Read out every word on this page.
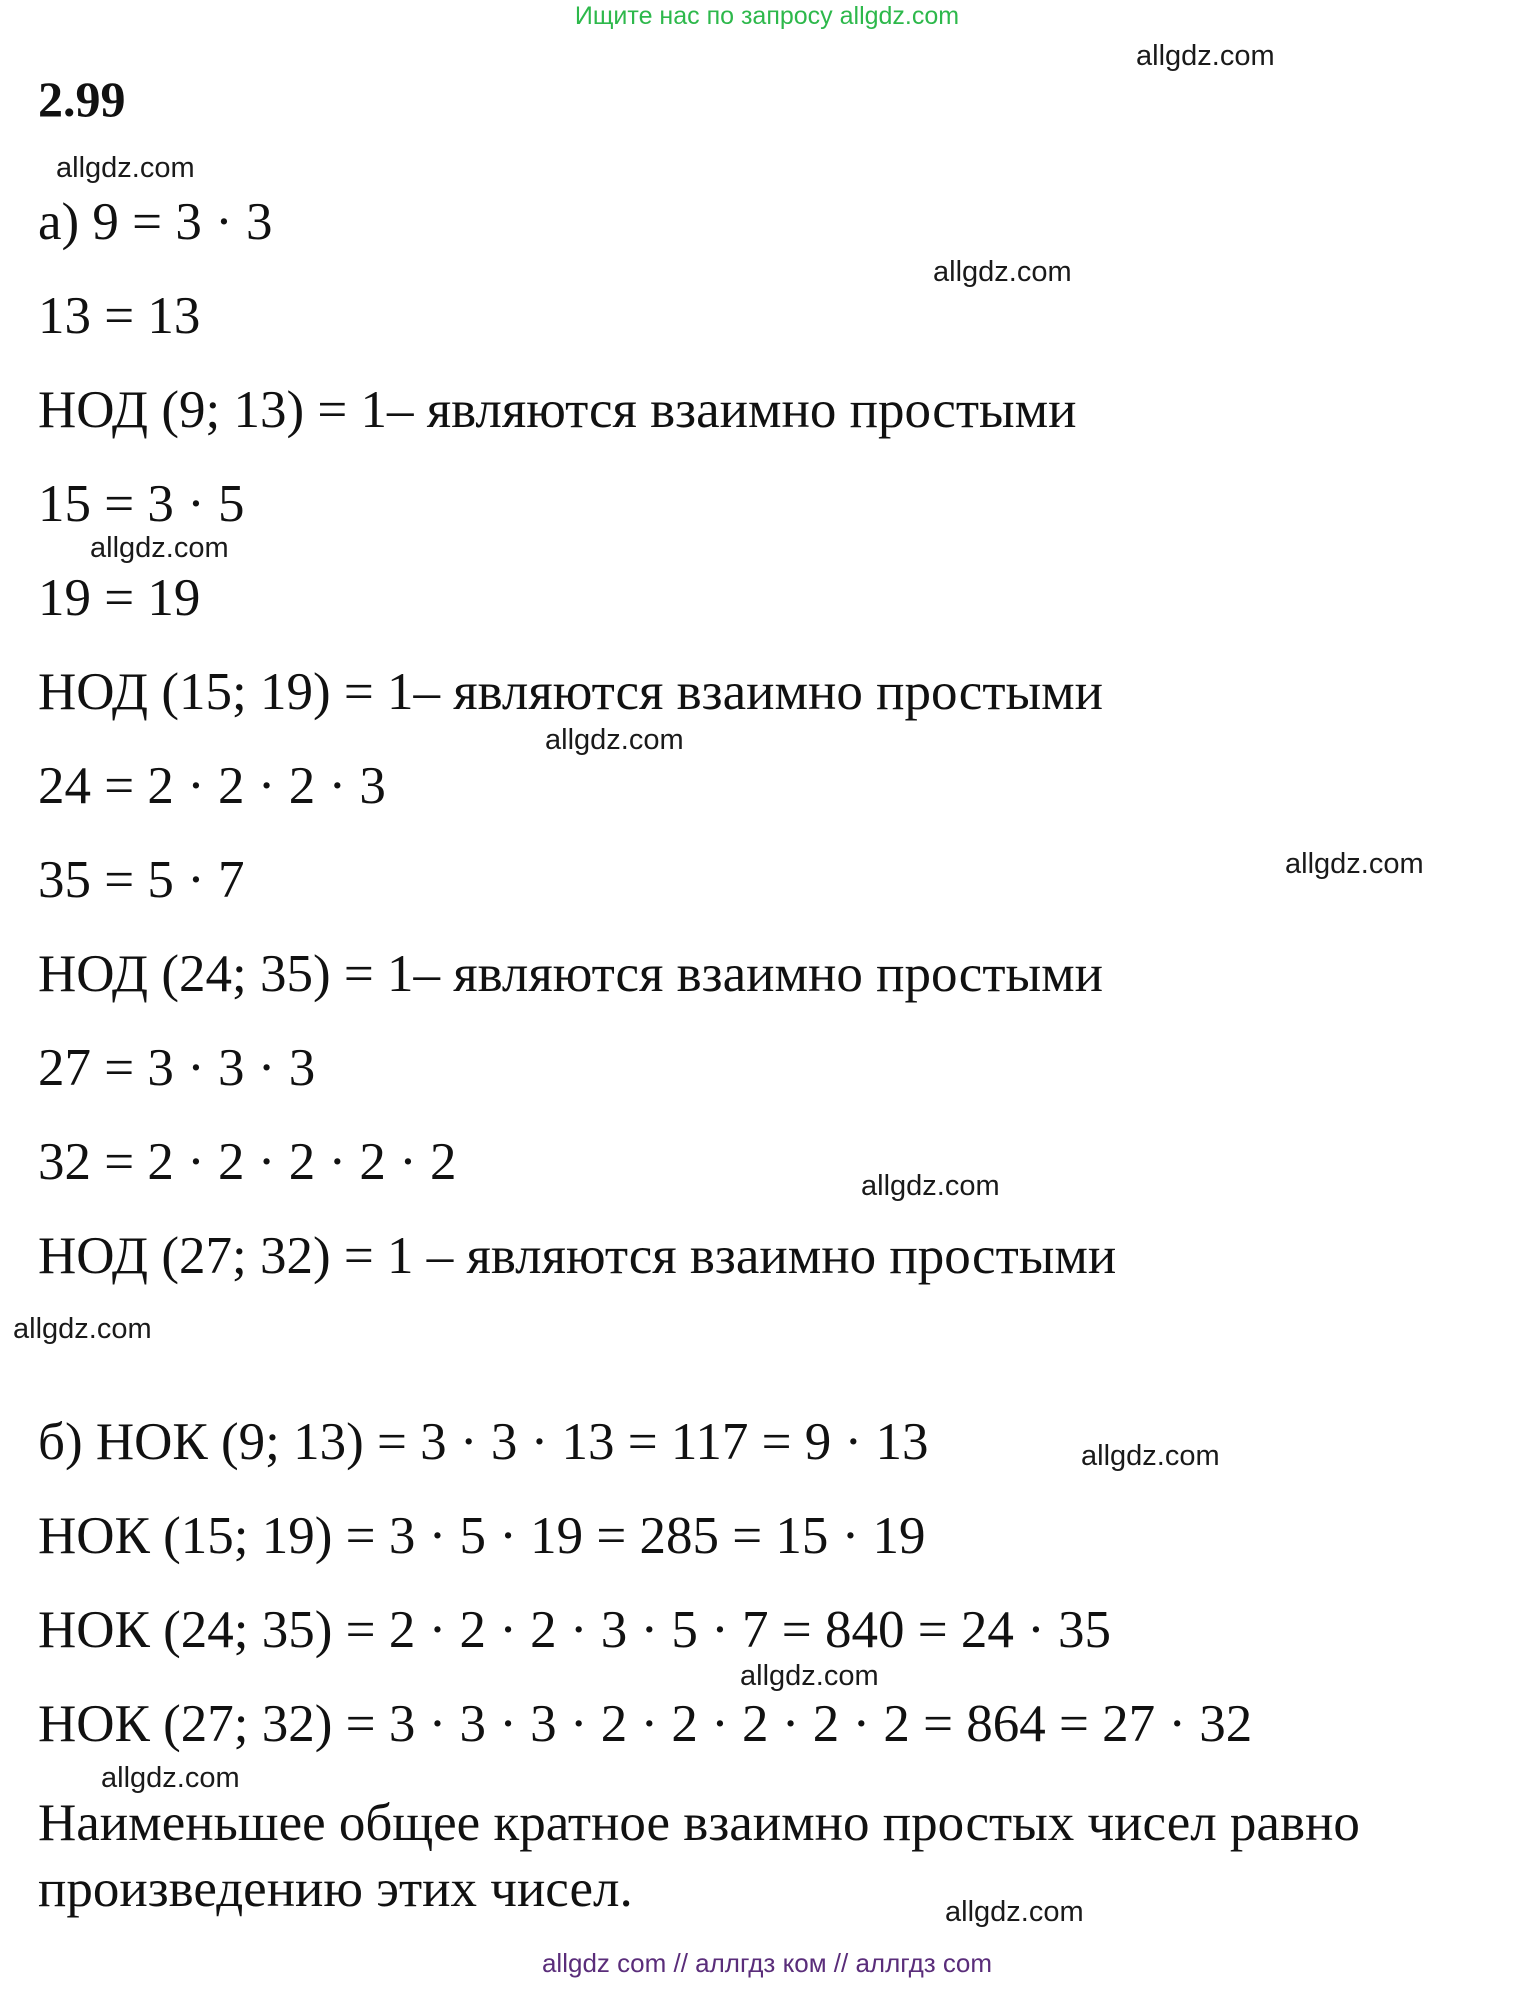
Ищите нас по запросу allgdz.com
2.99
а) 9 = 3 · 3
13 = 13
НОД (9; 13) = 1– являются взаимно простыми
15 = 3 · 5
19 = 19
НОД (15; 19) = 1– являются взаимно простыми
24 = 2 · 2 · 2 · 3
35 = 5 · 7
НОД (24; 35) = 1– являются взаимно простыми
27 = 3 · 3 · 3
32 = 2 · 2 · 2 · 2 · 2
НОД (27; 32) = 1 – являются взаимно простыми
б) НОК (9; 13) = 3 · 3 · 13 = 117 = 9 · 13
НОК (15; 19) = 3 · 5 · 19 = 285 = 15 · 19
НОК (24; 35) = 2 · 2 · 2 · 3 · 5 · 7 = 840 = 24 · 35
НОК (27; 32) = 3 · 3 · 3 · 2 · 2 · 2 · 2 · 2 = 864 = 27 · 32
Наименьшее общее кратное взаимно простых чисел равно произведению этих чисел.
allgdz.com
allgdz.com
allgdz.com
allgdz.com
allgdz.com
allgdz.com
allgdz.com
allgdz.com
allgdz.com
allgdz.com
allgdz.com
allgdz.com
allgdz com // аллгдз ком // аллгдз com
